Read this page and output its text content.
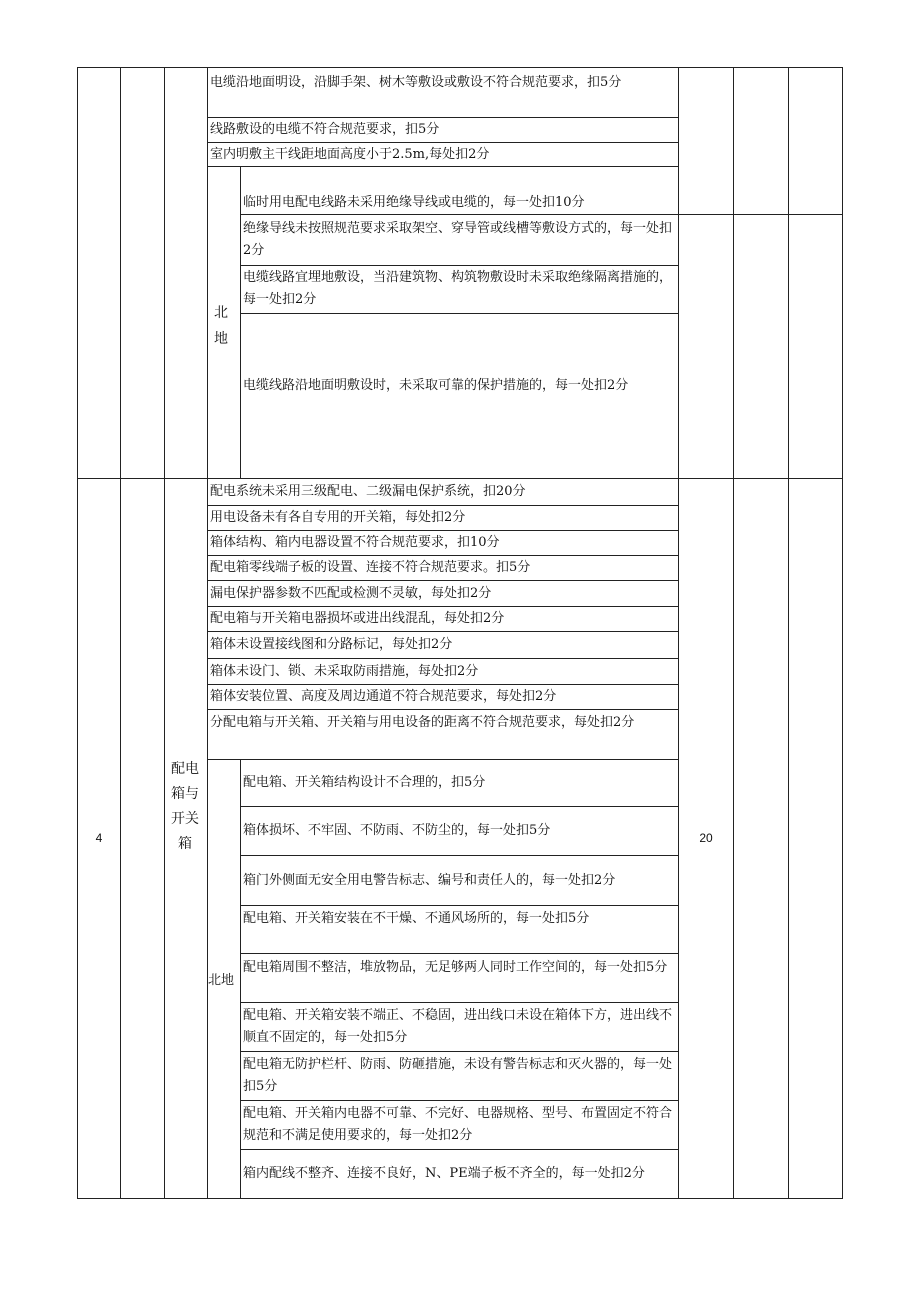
电缆沿地面明设，沿脚手架、树木等敷设或敷设不符合规范要求，扣5分
线路敷设的电缆不符合规范要求，扣5分
室内明敷主干线距地面高度小于2.5m,每处扣2分
北地
临时用电配电线路未采用绝缘导线或电缆的，每一处扣10分
绝缘导线未按照规范要求采取架空、穿导管或线槽等敷设方式的，每一处扣2分
电缆线路宜埋地敷设，当沿建筑物、构筑物敷设时未采取绝缘隔离措施的，每一处扣2分
电缆线路沿地面明敷设时，未采取可靠的保护措施的，每一处扣2分
4
配电箱与开关箱	20
配电系统未采用三级配电、二级漏电保护系统，扣20分
用电设备未有各自专用的开关箱，每处扣2分
箱体结构、箱内电器设置不符合规范要求，扣10分
配电箱零线端子板的设置、连接不符合规范要求。扣5分
漏电保护器参数不匹配或检测不灵敏，每处扣2分
配电箱与开关箱电器损坏或进出线混乱，每处扣2分
箱体未设置接线图和分路标记，每处扣2分
箱体未设门、锁、未采取防雨措施，每处扣2分
箱体安装位置、高度及周边通道不符合规范要求，每处扣2分
分配电箱与开关箱、开关箱与用电设备的距离不符合规范要求，每处扣2分
北地
配电箱、开关箱结构设计不合理的，扣5分
箱体损坏、不牢固、不防雨、不防尘的，每一处扣5分
箱门外侧面无安全用电警告标志、编号和责任人的，每一处扣2分
配电箱、开关箱安装在不干燥、不通风场所的，每一处扣5分
配电箱周围不整洁，堆放物品，无足够两人同时工作空间的，每一处扣5分
配电箱、开关箱安装不端正、不稳固，进出线口未设在箱体下方，进出线不顺直不固定的，每一处扣5分
配电箱无防护栏杆、防雨、防砸措施，未设有警告标志和灭火器的，每一处扣5分
配电箱、开关箱内电器不可靠、不完好、电器规格、型号、布置固定不符合规范和不满足使用要求的，每一处扣2分
箱内配线不整齐、连接不良好，N、PE端子板不齐全的，每一处扣2分
